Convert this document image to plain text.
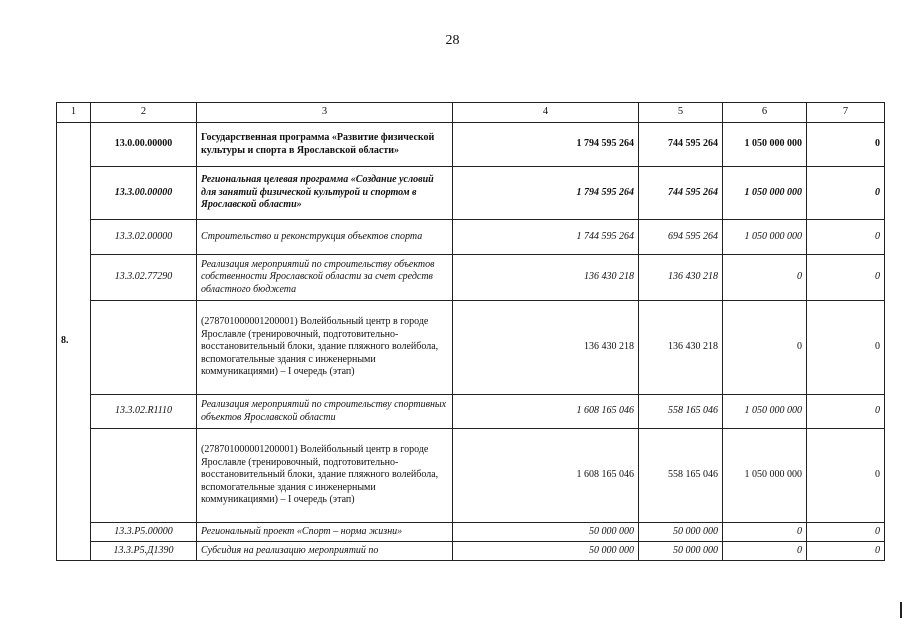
28
1	2	3	4	5	6	7
8.	13.0.00.00000	Государственная программа «Развитие физической культуры и спорта в Ярославской области»	1 794 595 264	744 595 264	1 050 000 000	0
	13.3.00.00000	Региональная целевая программа «Создание условий для занятий физической культурой и спортом в Ярославской области»	1 794 595 264	744 595 264	1 050 000 000	0
	13.3.02.00000	Строительство и реконструкция объектов спорта	1 744 595 264	694 595 264	1 050 000 000	0
	13.3.02.77290	Реализация мероприятий по строительству объектов собственности Ярославской области за счет средств областного бюджета	136 430 218	136 430 218	0	0
		(278701000001200001) Волейбольный центр в городе Ярославле (тренировочный, подготовительно-восстановительный блоки, здание пляжного волейбола, вспомогательные здания с инженерными коммуникациями) – I очередь (этап)	136 430 218	136 430 218	0	0
	13.3.02.R1110	Реализация мероприятий по строительству спортивных объектов Ярославской области	1 608 165 046	558 165 046	1 050 000 000	0
		(278701000001200001) Волейбольный центр в городе Ярославле (тренировочный, подготовительно-восстановительный блоки, здание пляжного волейбола, вспомогательные здания с инженерными коммуникациями) – I очередь (этап)	1 608 165 046	558 165 046	1 050 000 000	0
	13.3.P5.00000	Региональный проект «Спорт – норма жизни»	50 000 000	50 000 000	0	0
	13.3.P5.Д1390	Субсидия на реализацию мероприятий по	50 000 000	50 000 000	0	0
